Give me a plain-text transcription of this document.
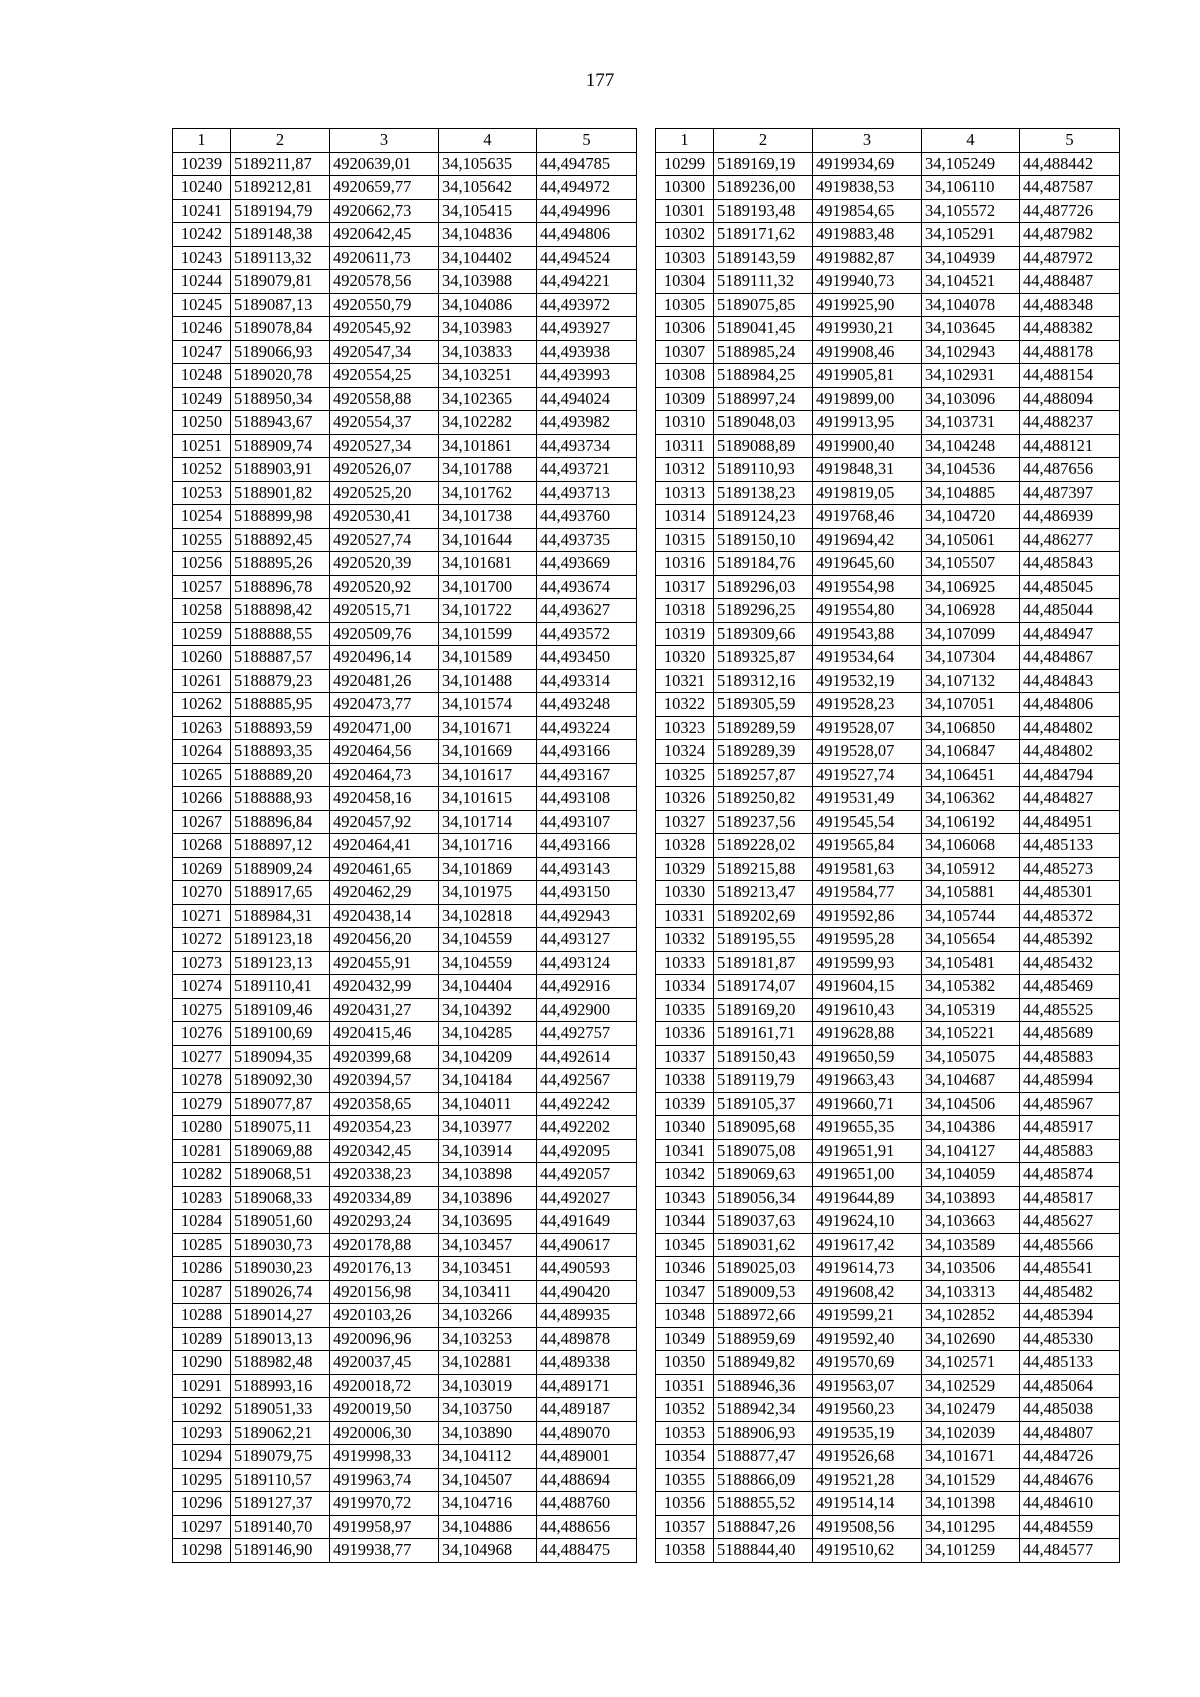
177
1	2	3	4	5
10239	5189211,87	4920639,01	34,105635	44,494785
10240	5189212,81	4920659,77	34,105642	44,494972
10241	5189194,79	4920662,73	34,105415	44,494996
10242	5189148,38	4920642,45	34,104836	44,494806
10243	5189113,32	4920611,73	34,104402	44,494524
10244	5189079,81	4920578,56	34,103988	44,494221
10245	5189087,13	4920550,79	34,104086	44,493972
10246	5189078,84	4920545,92	34,103983	44,493927
10247	5189066,93	4920547,34	34,103833	44,493938
10248	5189020,78	4920554,25	34,103251	44,493993
10249	5188950,34	4920558,88	34,102365	44,494024
10250	5188943,67	4920554,37	34,102282	44,493982
10251	5188909,74	4920527,34	34,101861	44,493734
10252	5188903,91	4920526,07	34,101788	44,493721
10253	5188901,82	4920525,20	34,101762	44,493713
10254	5188899,98	4920530,41	34,101738	44,493760
10255	5188892,45	4920527,74	34,101644	44,493735
10256	5188895,26	4920520,39	34,101681	44,493669
10257	5188896,78	4920520,92	34,101700	44,493674
10258	5188898,42	4920515,71	34,101722	44,493627
10259	5188888,55	4920509,76	34,101599	44,493572
10260	5188887,57	4920496,14	34,101589	44,493450
10261	5188879,23	4920481,26	34,101488	44,493314
10262	5188885,95	4920473,77	34,101574	44,493248
10263	5188893,59	4920471,00	34,101671	44,493224
10264	5188893,35	4920464,56	34,101669	44,493166
10265	5188889,20	4920464,73	34,101617	44,493167
10266	5188888,93	4920458,16	34,101615	44,493108
10267	5188896,84	4920457,92	34,101714	44,493107
10268	5188897,12	4920464,41	34,101716	44,493166
10269	5188909,24	4920461,65	34,101869	44,493143
10270	5188917,65	4920462,29	34,101975	44,493150
10271	5188984,31	4920438,14	34,102818	44,492943
10272	5189123,18	4920456,20	34,104559	44,493127
10273	5189123,13	4920455,91	34,104559	44,493124
10274	5189110,41	4920432,99	34,104404	44,492916
10275	5189109,46	4920431,27	34,104392	44,492900
10276	5189100,69	4920415,46	34,104285	44,492757
10277	5189094,35	4920399,68	34,104209	44,492614
10278	5189092,30	4920394,57	34,104184	44,492567
10279	5189077,87	4920358,65	34,104011	44,492242
10280	5189075,11	4920354,23	34,103977	44,492202
10281	5189069,88	4920342,45	34,103914	44,492095
10282	5189068,51	4920338,23	34,103898	44,492057
10283	5189068,33	4920334,89	34,103896	44,492027
10284	5189051,60	4920293,24	34,103695	44,491649
10285	5189030,73	4920178,88	34,103457	44,490617
10286	5189030,23	4920176,13	34,103451	44,490593
10287	5189026,74	4920156,98	34,103411	44,490420
10288	5189014,27	4920103,26	34,103266	44,489935
10289	5189013,13	4920096,96	34,103253	44,489878
10290	5188982,48	4920037,45	34,102881	44,489338
10291	5188993,16	4920018,72	34,103019	44,489171
10292	5189051,33	4920019,50	34,103750	44,489187
10293	5189062,21	4920006,30	34,103890	44,489070
10294	5189079,75	4919998,33	34,104112	44,489001
10295	5189110,57	4919963,74	34,104507	44,488694
10296	5189127,37	4919970,72	34,104716	44,488760
10297	5189140,70	4919958,97	34,104886	44,488656
10298	5189146,90	4919938,77	34,104968	44,488475
1	2	3	4	5
10299	5189169,19	4919934,69	34,105249	44,488442
10300	5189236,00	4919838,53	34,106110	44,487587
10301	5189193,48	4919854,65	34,105572	44,487726
10302	5189171,62	4919883,48	34,105291	44,487982
10303	5189143,59	4919882,87	34,104939	44,487972
10304	5189111,32	4919940,73	34,104521	44,488487
10305	5189075,85	4919925,90	34,104078	44,488348
10306	5189041,45	4919930,21	34,103645	44,488382
10307	5188985,24	4919908,46	34,102943	44,488178
10308	5188984,25	4919905,81	34,102931	44,488154
10309	5188997,24	4919899,00	34,103096	44,488094
10310	5189048,03	4919913,95	34,103731	44,488237
10311	5189088,89	4919900,40	34,104248	44,488121
10312	5189110,93	4919848,31	34,104536	44,487656
10313	5189138,23	4919819,05	34,104885	44,487397
10314	5189124,23	4919768,46	34,104720	44,486939
10315	5189150,10	4919694,42	34,105061	44,486277
10316	5189184,76	4919645,60	34,105507	44,485843
10317	5189296,03	4919554,98	34,106925	44,485045
10318	5189296,25	4919554,80	34,106928	44,485044
10319	5189309,66	4919543,88	34,107099	44,484947
10320	5189325,87	4919534,64	34,107304	44,484867
10321	5189312,16	4919532,19	34,107132	44,484843
10322	5189305,59	4919528,23	34,107051	44,484806
10323	5189289,59	4919528,07	34,106850	44,484802
10324	5189289,39	4919528,07	34,106847	44,484802
10325	5189257,87	4919527,74	34,106451	44,484794
10326	5189250,82	4919531,49	34,106362	44,484827
10327	5189237,56	4919545,54	34,106192	44,484951
10328	5189228,02	4919565,84	34,106068	44,485133
10329	5189215,88	4919581,63	34,105912	44,485273
10330	5189213,47	4919584,77	34,105881	44,485301
10331	5189202,69	4919592,86	34,105744	44,485372
10332	5189195,55	4919595,28	34,105654	44,485392
10333	5189181,87	4919599,93	34,105481	44,485432
10334	5189174,07	4919604,15	34,105382	44,485469
10335	5189169,20	4919610,43	34,105319	44,485525
10336	5189161,71	4919628,88	34,105221	44,485689
10337	5189150,43	4919650,59	34,105075	44,485883
10338	5189119,79	4919663,43	34,104687	44,485994
10339	5189105,37	4919660,71	34,104506	44,485967
10340	5189095,68	4919655,35	34,104386	44,485917
10341	5189075,08	4919651,91	34,104127	44,485883
10342	5189069,63	4919651,00	34,104059	44,485874
10343	5189056,34	4919644,89	34,103893	44,485817
10344	5189037,63	4919624,10	34,103663	44,485627
10345	5189031,62	4919617,42	34,103589	44,485566
10346	5189025,03	4919614,73	34,103506	44,485541
10347	5189009,53	4919608,42	34,103313	44,485482
10348	5188972,66	4919599,21	34,102852	44,485394
10349	5188959,69	4919592,40	34,102690	44,485330
10350	5188949,82	4919570,69	34,102571	44,485133
10351	5188946,36	4919563,07	34,102529	44,485064
10352	5188942,34	4919560,23	34,102479	44,485038
10353	5188906,93	4919535,19	34,102039	44,484807
10354	5188877,47	4919526,68	34,101671	44,484726
10355	5188866,09	4919521,28	34,101529	44,484676
10356	5188855,52	4919514,14	34,101398	44,484610
10357	5188847,26	4919508,56	34,101295	44,484559
10358	5188844,40	4919510,62	34,101259	44,484577
